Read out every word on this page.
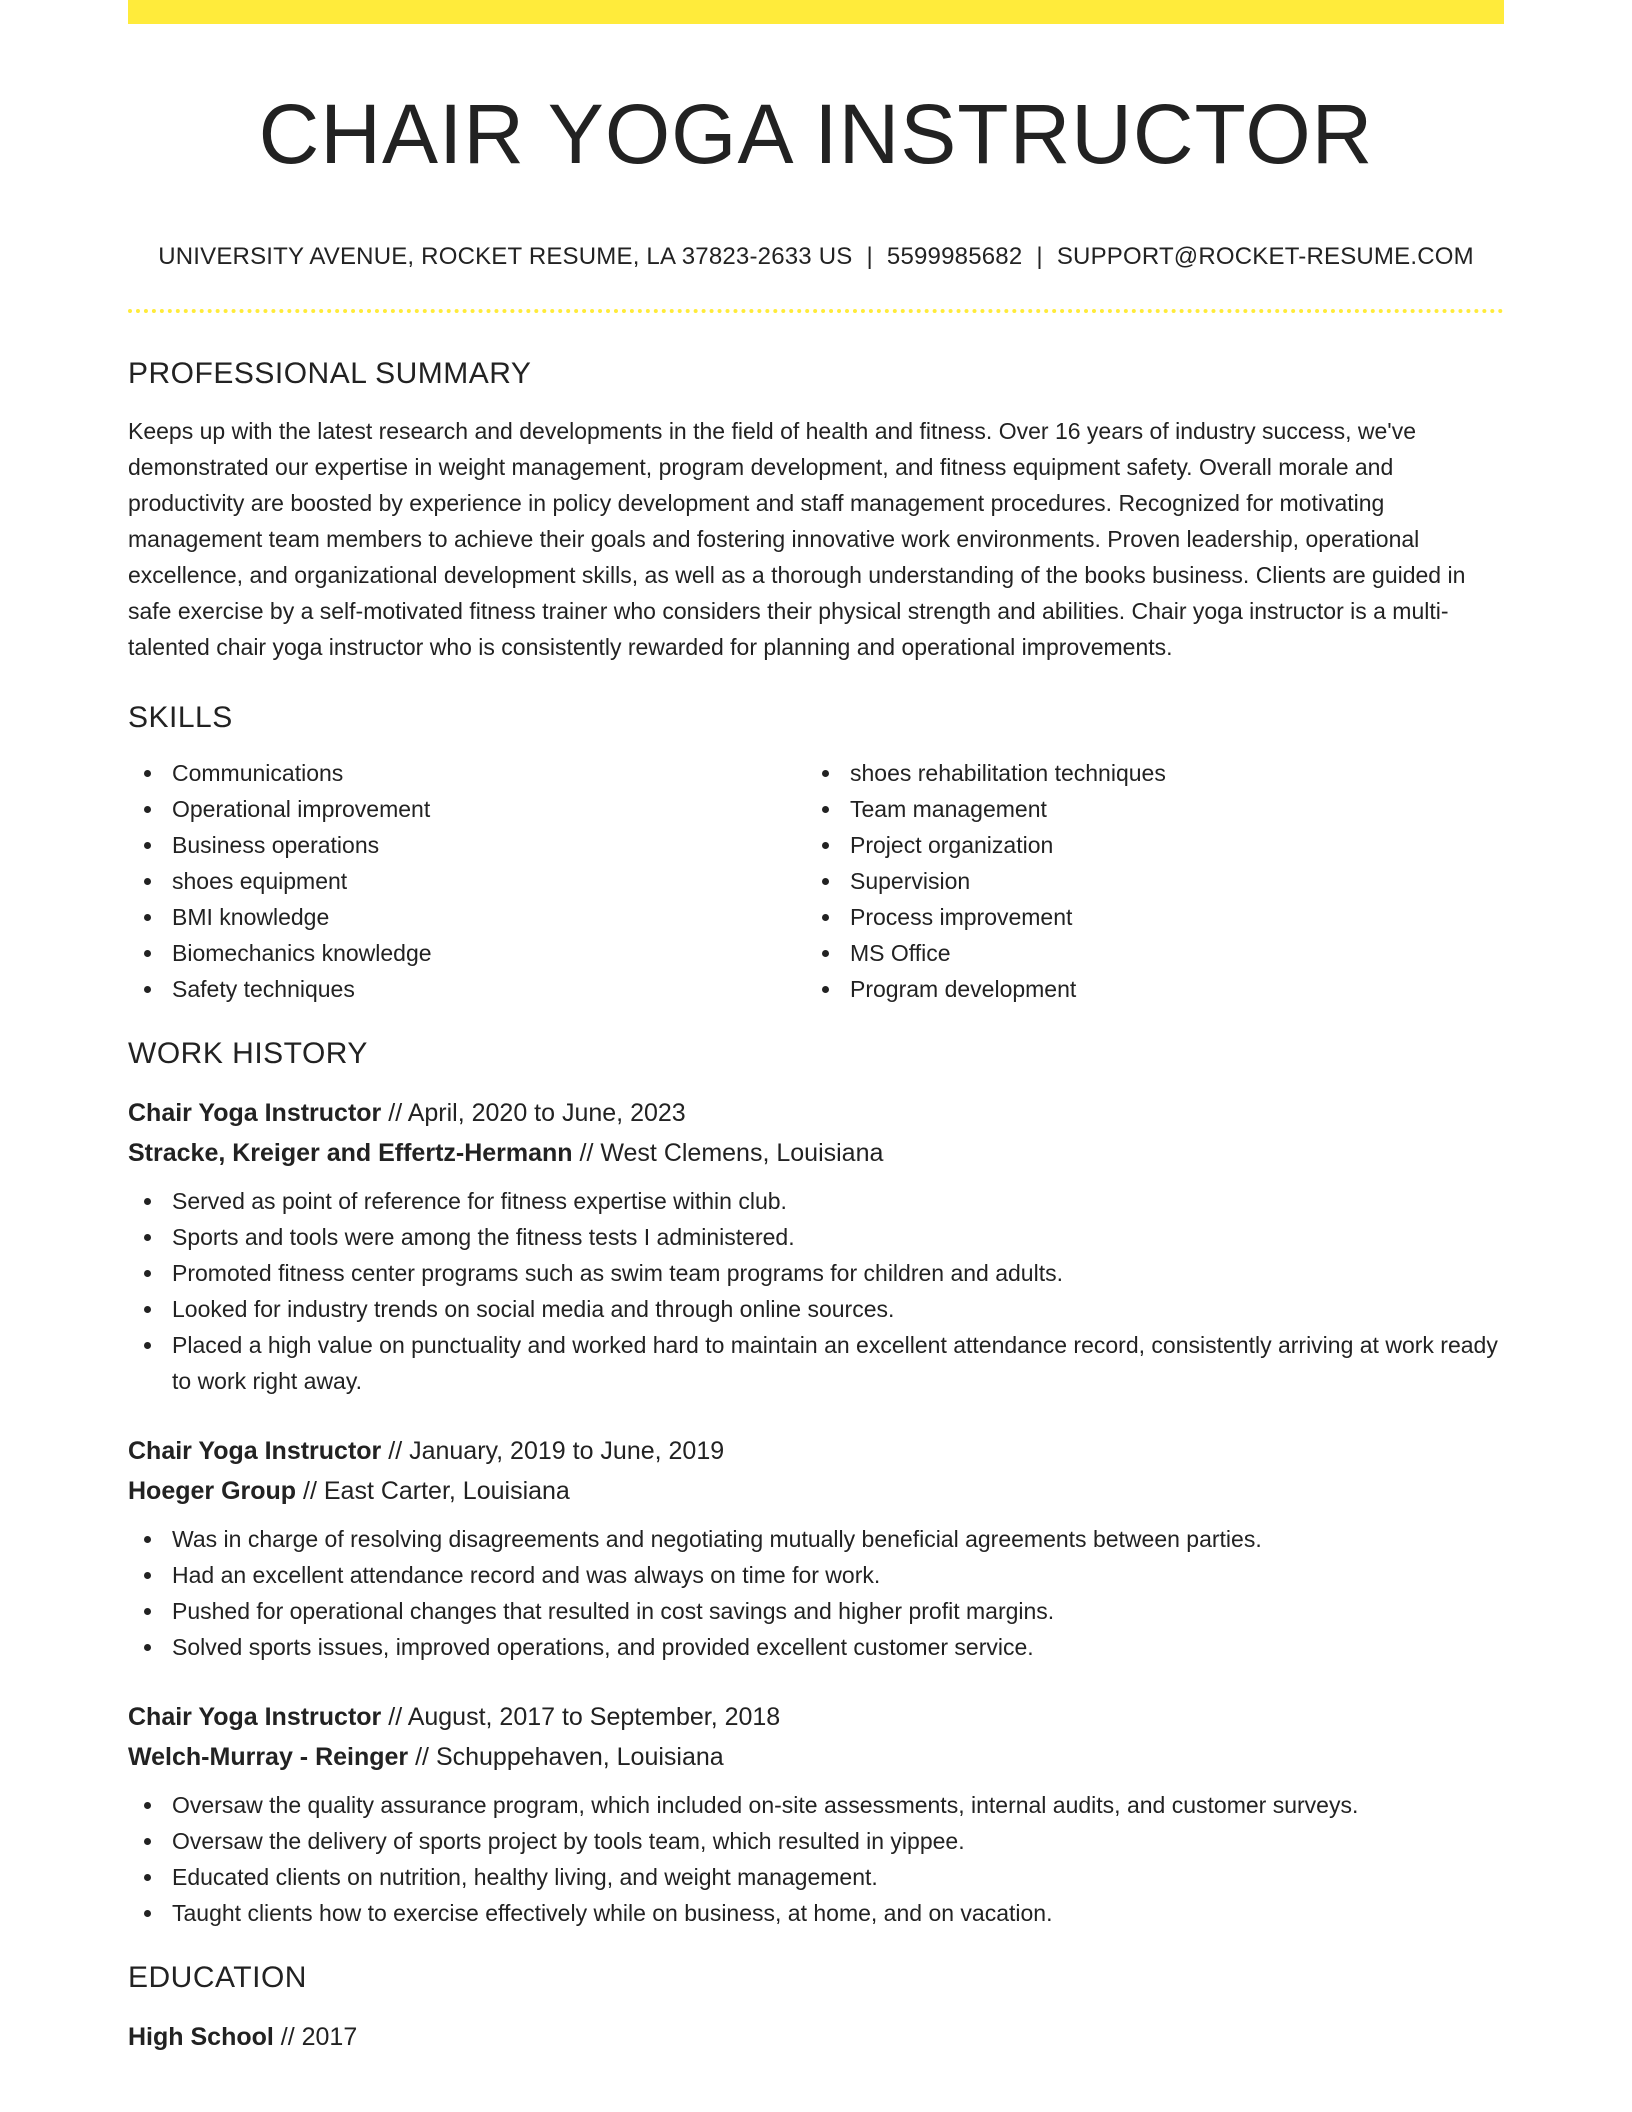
CHAIR YOGA INSTRUCTOR
UNIVERSITY AVENUE, ROCKET RESUME, LA 37823-2633 US | 5599985682 | SUPPORT@ROCKET-RESUME.COM
PROFESSIONAL SUMMARY
Keeps up with the latest research and developments in the field of health and fitness. Over 16 years of industry success, we've demonstrated our expertise in weight management, program development, and fitness equipment safety. Overall morale and productivity are boosted by experience in policy development and staff management procedures. Recognized for motivating management team members to achieve their goals and fostering innovative work environments. Proven leadership, operational excellence, and organizational development skills, as well as a thorough understanding of the books business. Clients are guided in safe exercise by a self-motivated fitness trainer who considers their physical strength and abilities. Chair yoga instructor is a multi-talented chair yoga instructor who is consistently rewarded for planning and operational improvements.
SKILLS
Communications
Operational improvement
Business operations
shoes equipment
BMI knowledge
Biomechanics knowledge
Safety techniques
shoes rehabilitation techniques
Team management
Project organization
Supervision
Process improvement
MS Office
Program development
WORK HISTORY
Chair Yoga Instructor // April, 2020 to June, 2023
Stracke, Kreiger and Effertz-Hermann // West Clemens, Louisiana
Served as point of reference for fitness expertise within club.
Sports and tools were among the fitness tests I administered.
Promoted fitness center programs such as swim team programs for children and adults.
Looked for industry trends on social media and through online sources.
Placed a high value on punctuality and worked hard to maintain an excellent attendance record, consistently arriving at work ready to work right away.
Chair Yoga Instructor // January, 2019 to June, 2019
Hoeger Group // East Carter, Louisiana
Was in charge of resolving disagreements and negotiating mutually beneficial agreements between parties.
Had an excellent attendance record and was always on time for work.
Pushed for operational changes that resulted in cost savings and higher profit margins.
Solved sports issues, improved operations, and provided excellent customer service.
Chair Yoga Instructor // August, 2017 to September, 2018
Welch-Murray - Reinger // Schuppehaven, Louisiana
Oversaw the quality assurance program, which included on-site assessments, internal audits, and customer surveys.
Oversaw the delivery of sports project by tools team, which resulted in yippee.
Educated clients on nutrition, healthy living, and weight management.
Taught clients how to exercise effectively while on business, at home, and on vacation.
EDUCATION
High School // 2017
